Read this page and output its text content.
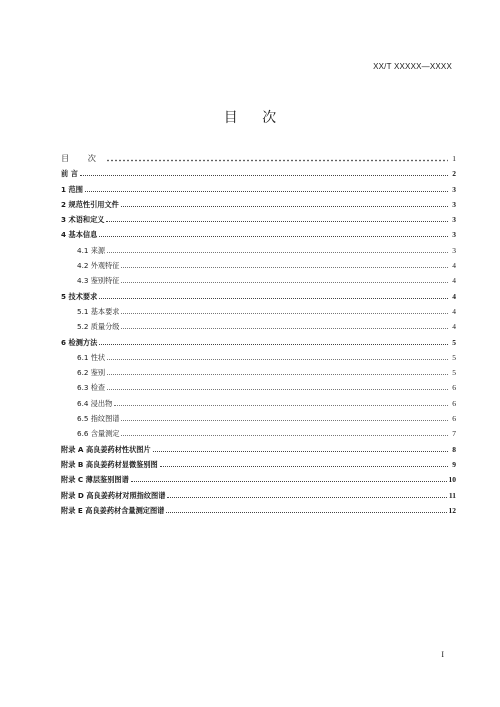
XX/T XXXXX—XXXX
目 次
目 次	1
前 言	2
1 范围	3
2 规范性引用文件	3
3 术语和定义	3
4 基本信息	3
4.1 来源	3
4.2 外观特征	4
4.3 鉴别特征	4
5 技术要求	4
5.1 基本要求	4
5.2 质量分级	4
6 检测方法	5
6.1 性状	5
6.2 鉴别	5
6.3 检查	6
6.4 浸出物	6
6.5 指纹图谱	6
6.6 含量测定	7
附录 A 高良姜药材性状图片	8
附录 B 高良姜药材显微鉴别图	9
附录 C 薄层鉴别图谱	10
附录 D 高良姜药材对照指纹图谱	11
附录 E 高良姜药材含量测定图谱	12
I
